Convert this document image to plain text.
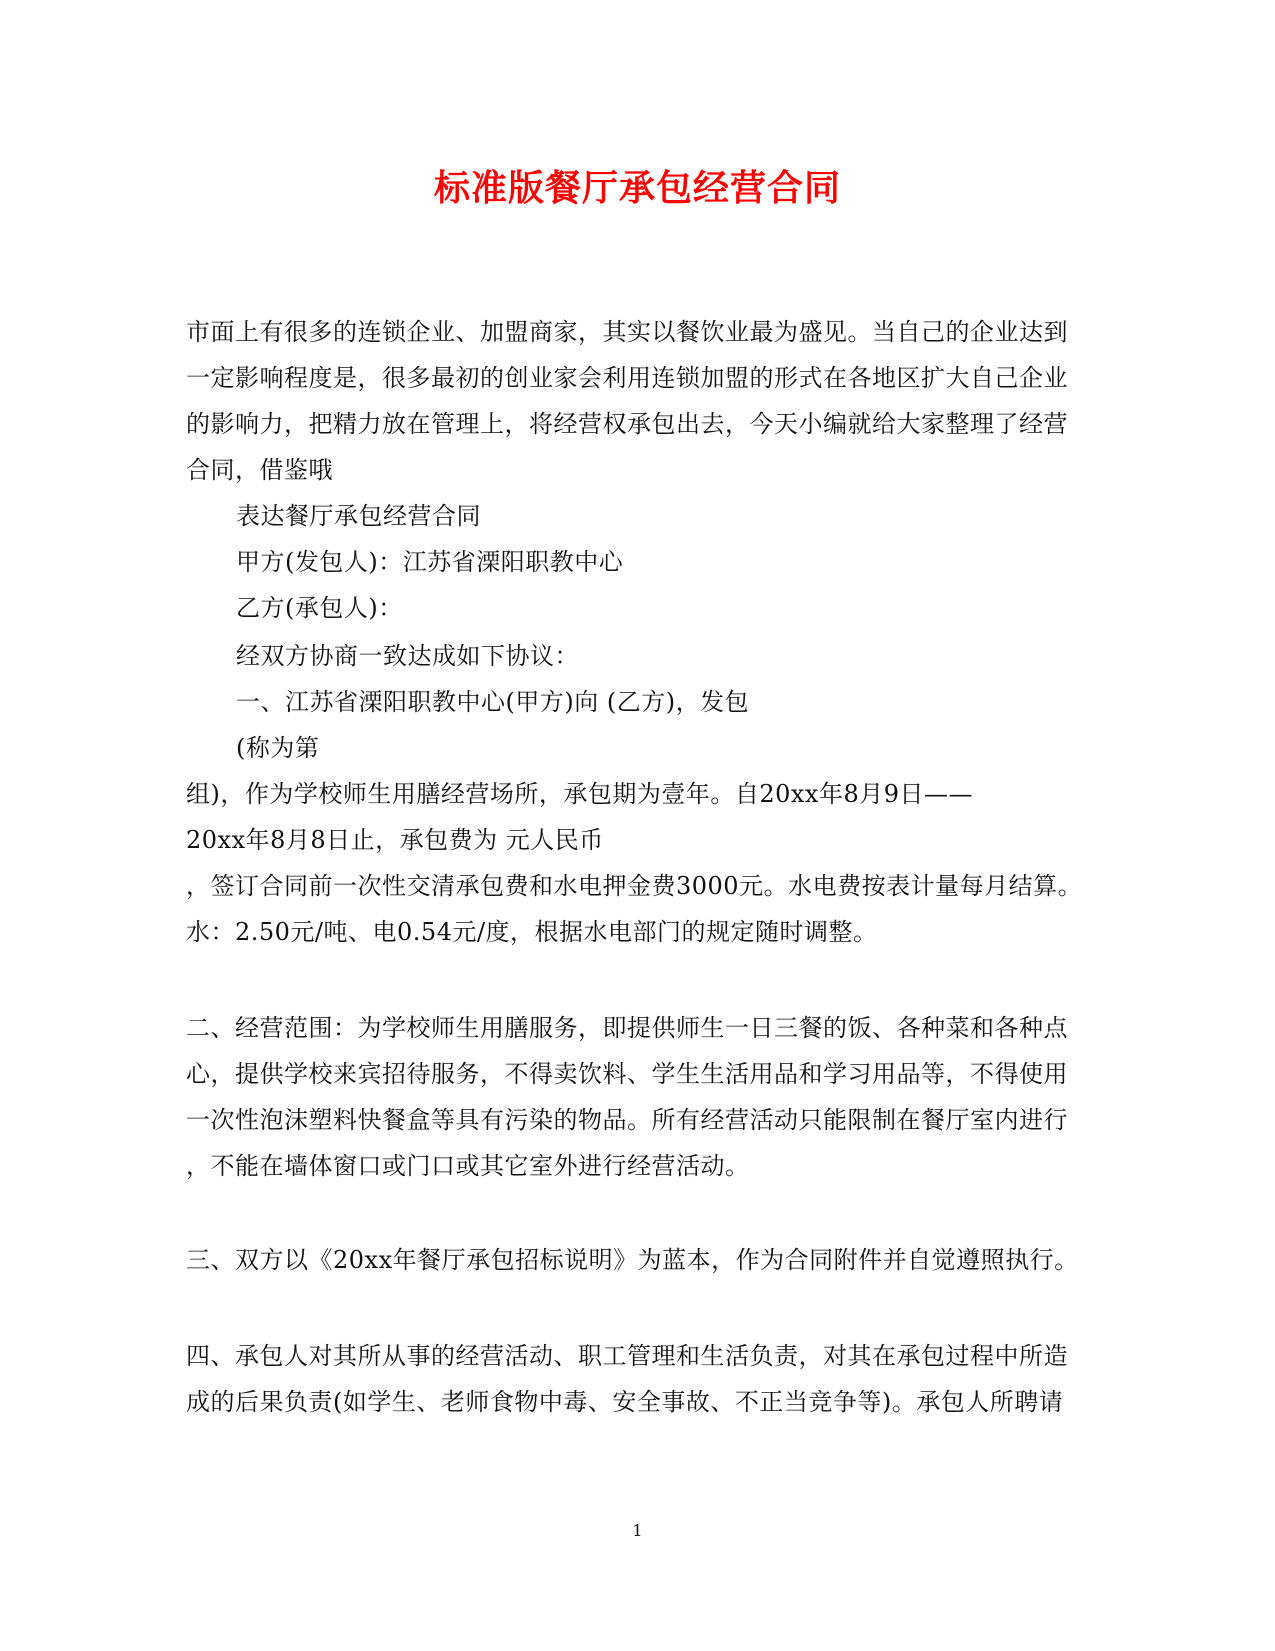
标准版餐厅承包经营合同
市面上有很多的连锁企业、加盟商家，其实以餐饮业最为盛见。当自己的企业达到
一定影响程度是，很多最初的创业家会利用连锁加盟的形式在各地区扩大自己企业
的影响力，把精力放在管理上，将经营权承包出去，今天小编就给大家整理了经营
合同，借鉴哦
表达餐厅承包经营合同
甲方(发包人)：江苏省溧阳职教中心
乙方(承包人)：
经双方协商一致达成如下协议：
一、江苏省溧阳职教中心(甲方)向 (乙方)，发包
(称为第
组)，作为学校师生用膳经营场所，承包期为壹年。自20xx年8月9日——
20xx年8月8日止，承包费为 元人民币
，签订合同前一次性交清承包费和水电押金费3000元。水电费按表计量每月结算。
水：2.50元/吨、电0.54元/度，根据水电部门的规定随时调整。
二、经营范围：为学校师生用膳服务，即提供师生一日三餐的饭、各种菜和各种点
心，提供学校来宾招待服务，不得卖饮料、学生生活用品和学习用品等，不得使用
一次性泡沫塑料快餐盒等具有污染的物品。所有经营活动只能限制在餐厅室内进行
，不能在墙体窗口或门口或其它室外进行经营活动。
三、双方以《20xx年餐厅承包招标说明》为蓝本，作为合同附件并自觉遵照执行。
四、承包人对其所从事的经营活动、职工管理和生活负责，对其在承包过程中所造
成的后果负责(如学生、老师食物中毒、安全事故、不正当竞争等)。承包人所聘请
1
